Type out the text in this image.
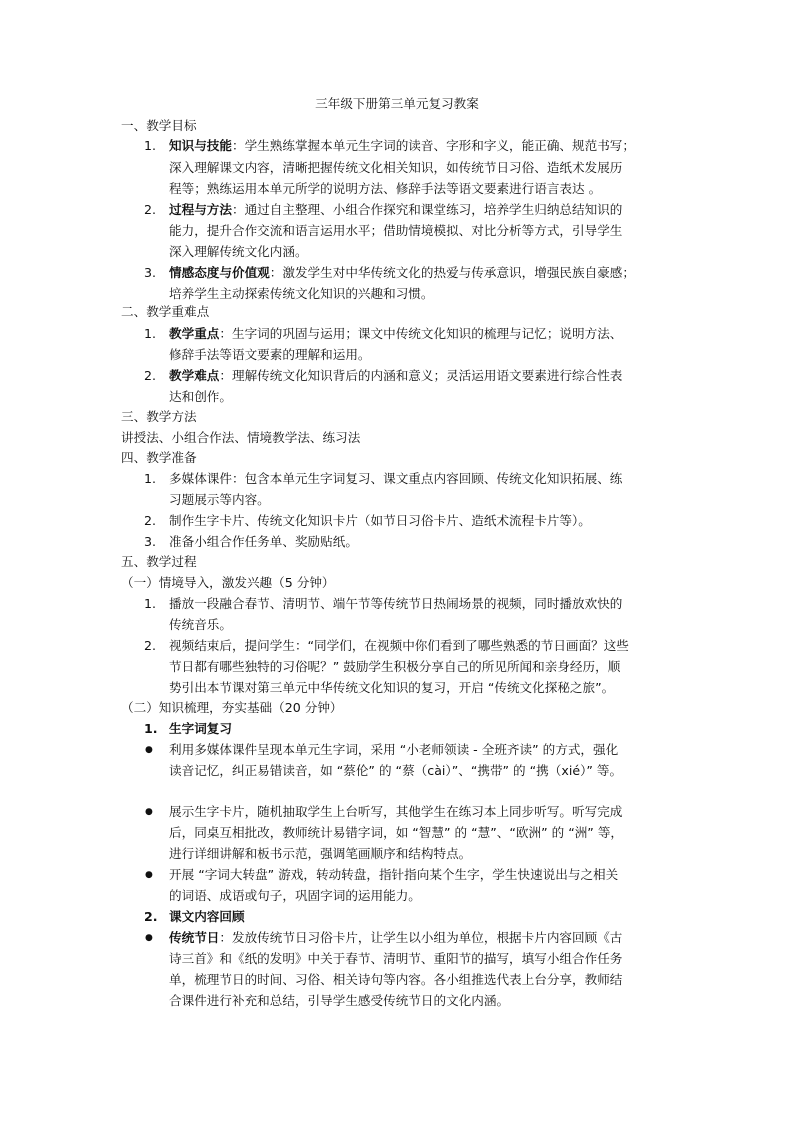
三年级下册第三单元复习教案
一、教学目标
1. 知识与技能：学生熟练掌握本单元生字词的读音、字形和字义，能正确、规范书写；
深入理解课文内容，清晰把握传统文化相关知识，如传统节日习俗、造纸术发展历
程等；熟练运用本单元所学的说明方法、修辞手法等语文要素进行语言表达 。
2. 过程与方法：通过自主整理、小组合作探究和课堂练习，培养学生归纳总结知识的
能力，提升合作交流和语言运用水平；借助情境模拟、对比分析等方式，引导学生
深入理解传统文化内涵。
3. 情感态度与价值观：激发学生对中华传统文化的热爱与传承意识，增强民族自豪感；
培养学生主动探索传统文化知识的兴趣和习惯。
二、教学重难点
1. 教学重点：生字词的巩固与运用；课文中传统文化知识的梳理与记忆；说明方法、
修辞手法等语文要素的理解和运用。
2. 教学难点：理解传统文化知识背后的内涵和意义；灵活运用语文要素进行综合性表
达和创作。
三、教学方法
讲授法、小组合作法、情境教学法、练习法
四、教学准备
1. 多媒体课件：包含本单元生字词复习、课文重点内容回顾、传统文化知识拓展、练
习题展示等内容。
2. 制作生字卡片、传统文化知识卡片（如节日习俗卡片、造纸术流程卡片等）。
3. 准备小组合作任务单、奖励贴纸。
五、教学过程
（一）情境导入，激发兴趣（5 分钟）
1. 播放一段融合春节、清明节、端午节等传统节日热闹场景的视频，同时播放欢快的
传统音乐。
2. 视频结束后，提问学生：“同学们，在视频中你们看到了哪些熟悉的节日画面？这些
节日都有哪些独特的习俗呢？” 鼓励学生积极分享自己的所见所闻和亲身经历，顺
势引出本节课对第三单元中华传统文化知识的复习，开启 “传统文化探秘之旅”。
（二）知识梳理，夯实基础（20 分钟）
1. 生字词复习
● 利用多媒体课件呈现本单元生字词，采用 “小老师领读 - 全班齐读” 的方式，强化
读音记忆，纠正易错读音，如 “蔡伦” 的 “蔡（cài）”、“携带” 的 “携（xié）” 等。
● 展示生字卡片，随机抽取学生上台听写，其他学生在练习本上同步听写。听写完成
后，同桌互相批改，教师统计易错字词，如 “智慧” 的 “慧”、“欧洲” 的 “洲” 等，
进行详细讲解和板书示范，强调笔画顺序和结构特点。
● 开展 “字词大转盘” 游戏，转动转盘，指针指向某个生字，学生快速说出与之相关
的词语、成语或句子，巩固字词的运用能力。
2. 课文内容回顾
● 传统节日：发放传统节日习俗卡片，让学生以小组为单位，根据卡片内容回顾《古
诗三首》和《纸的发明》中关于春节、清明节、重阳节的描写，填写小组合作任务
单，梳理节日的时间、习俗、相关诗句等内容。各小组推选代表上台分享，教师结
合课件进行补充和总结，引导学生感受传统节日的文化内涵。
